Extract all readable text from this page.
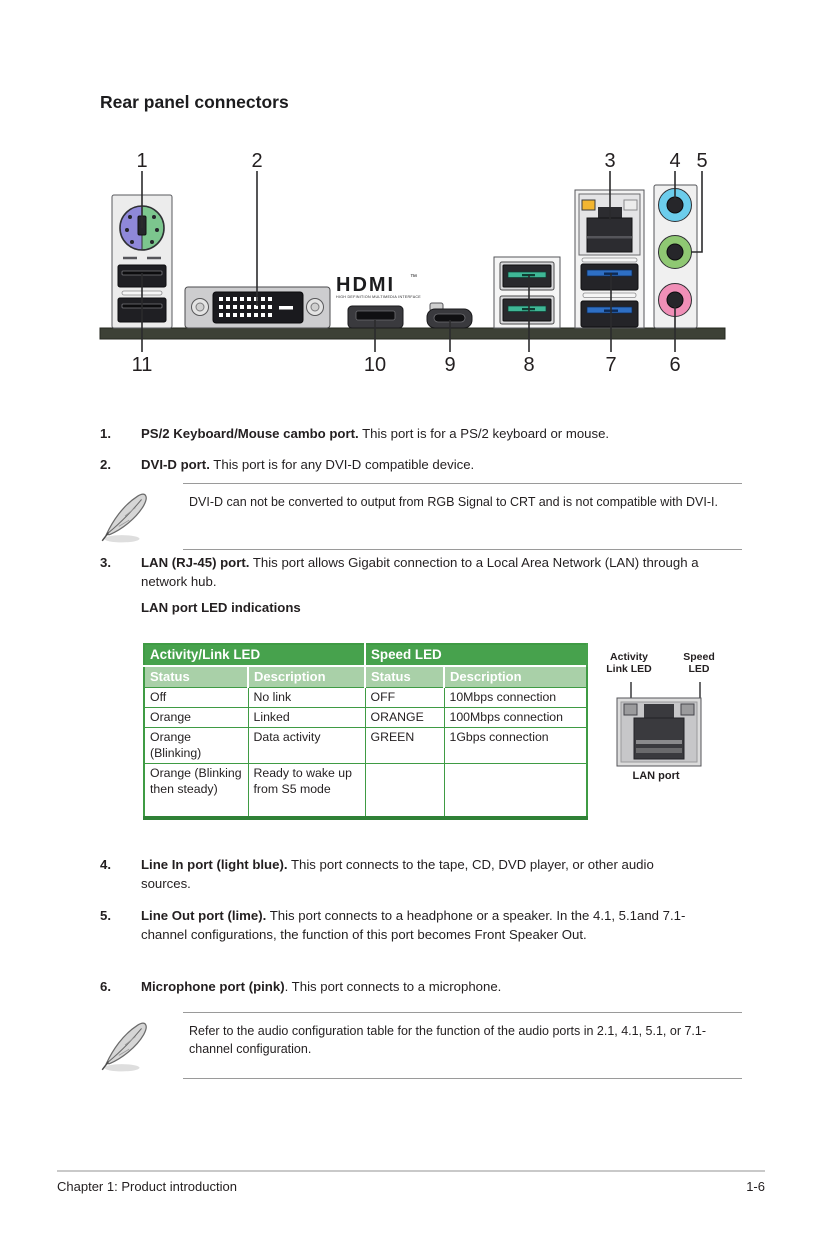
Rear panel connectors
HDMI ™
HIGH DEFINITION MULTIMEDIA INTERFACE
1	2	3	4 5
11	10	9	8	7	6
1.	PS/2 Keyboard/Mouse cambo port. This port is for a PS/2 keyboard or mouse.
2.	DVI-D port. This port is for any DVI-D compatible device.
DVI-D can not be converted to output from RGB Signal to CRT and is not compatible with DVI-I.
3.	LAN (RJ-45) port. This port allows Gigabit connection to a Local Area Network (LAN) through a network hub.
LAN port LED indications
Activity/Link LED		Speed LED	
Status	Description	Status	Description
Off	No link	OFF	10Mbps connection
Orange	Linked	ORANGE	100Mbps connection
Orange (Blinking)	Data activity	GREEN	1Gbps connection
Orange (Blinking then steady)	Ready to wake up from S5 mode		
Activity Link LED
Speed LED
LAN port
4.	Line In port (light blue). This port connects to the tape, CD, DVD player, or other audio sources.
5.	Line Out port (lime). This port connects to a headphone or a speaker. In the 4.1, 5.1and 7.1-channel configurations, the function of this port becomes Front Speaker Out.
6.	Microphone port (pink). This port connects to a microphone.
Refer to the audio configuration table for the function of the audio ports in 2.1, 4.1, 5.1, or 7.1-channel configuration.
Chapter 1: Product introduction	1-6
